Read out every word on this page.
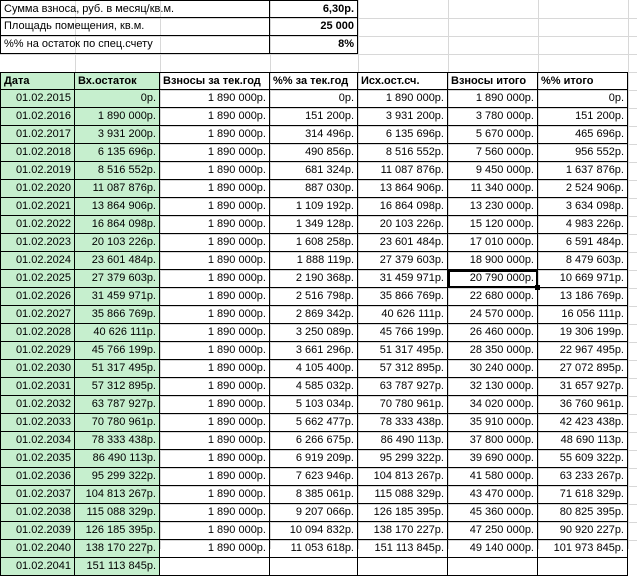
Сумма взноса, руб. в месяц/кв.м.	6,30р.
Площадь помещения, кв.м.	25 000
%% на остаток по спец.счету	8%
Дата	Вх.остаток	Взносы за тек.год	%% за тек.год	Исх.ост.сч.	Взносы итого	%% итого
01.02.2015	0р.	1 890 000р.	0р.	1 890 000р.	1 890 000р.	0р.
01.02.2016	1 890 000р.	1 890 000р.	151 200р.	3 931 200р.	3 780 000р.	151 200р.
01.02.2017	3 931 200р.	1 890 000р.	314 496р.	6 135 696р.	5 670 000р.	465 696р.
01.02.2018	6 135 696р.	1 890 000р.	490 856р.	8 516 552р.	7 560 000р.	956 552р.
01.02.2019	8 516 552р.	1 890 000р.	681 324р.	11 087 876р.	9 450 000р.	1 637 876р.
01.02.2020	11 087 876р.	1 890 000р.	887 030р.	13 864 906р.	11 340 000р.	2 524 906р.
01.02.2021	13 864 906р.	1 890 000р.	1 109 192р.	16 864 098р.	13 230 000р.	3 634 098р.
01.02.2022	16 864 098р.	1 890 000р.	1 349 128р.	20 103 226р.	15 120 000р.	4 983 226р.
01.02.2023	20 103 226р.	1 890 000р.	1 608 258р.	23 601 484р.	17 010 000р.	6 591 484р.
01.02.2024	23 601 484р.	1 890 000р.	1 888 119р.	27 379 603р.	18 900 000р.	8 479 603р.
01.02.2025	27 379 603р.	1 890 000р.	2 190 368р.	31 459 971р.	20 790 000р.	10 669 971р.
01.02.2026	31 459 971р.	1 890 000р.	2 516 798р.	35 866 769р.	22 680 000р.	13 186 769р.
01.02.2027	35 866 769р.	1 890 000р.	2 869 342р.	40 626 111р.	24 570 000р.	16 056 111р.
01.02.2028	40 626 111р.	1 890 000р.	3 250 089р.	45 766 199р.	26 460 000р.	19 306 199р.
01.02.2029	45 766 199р.	1 890 000р.	3 661 296р.	51 317 495р.	28 350 000р.	22 967 495р.
01.02.2030	51 317 495р.	1 890 000р.	4 105 400р.	57 312 895р.	30 240 000р.	27 072 895р.
01.02.2031	57 312 895р.	1 890 000р.	4 585 032р.	63 787 927р.	32 130 000р.	31 657 927р.
01.02.2032	63 787 927р.	1 890 000р.	5 103 034р.	70 780 961р.	34 020 000р.	36 760 961р.
01.02.2033	70 780 961р.	1 890 000р.	5 662 477р.	78 333 438р.	35 910 000р.	42 423 438р.
01.02.2034	78 333 438р.	1 890 000р.	6 266 675р.	86 490 113р.	37 800 000р.	48 690 113р.
01.02.2035	86 490 113р.	1 890 000р.	6 919 209р.	95 299 322р.	39 690 000р.	55 609 322р.
01.02.2036	95 299 322р.	1 890 000р.	7 623 946р.	104 813 267р.	41 580 000р.	63 233 267р.
01.02.2037	104 813 267р.	1 890 000р.	8 385 061р.	115 088 329р.	43 470 000р.	71 618 329р.
01.02.2038	115 088 329р.	1 890 000р.	9 207 066р.	126 185 395р.	45 360 000р.	80 825 395р.
01.02.2039	126 185 395р.	1 890 000р.	10 094 832р.	138 170 227р.	47 250 000р.	90 920 227р.
01.02.2040	138 170 227р.	1 890 000р.	11 053 618р.	151 113 845р.	49 140 000р.	101 973 845р.
01.02.2041	151 113 845р.
